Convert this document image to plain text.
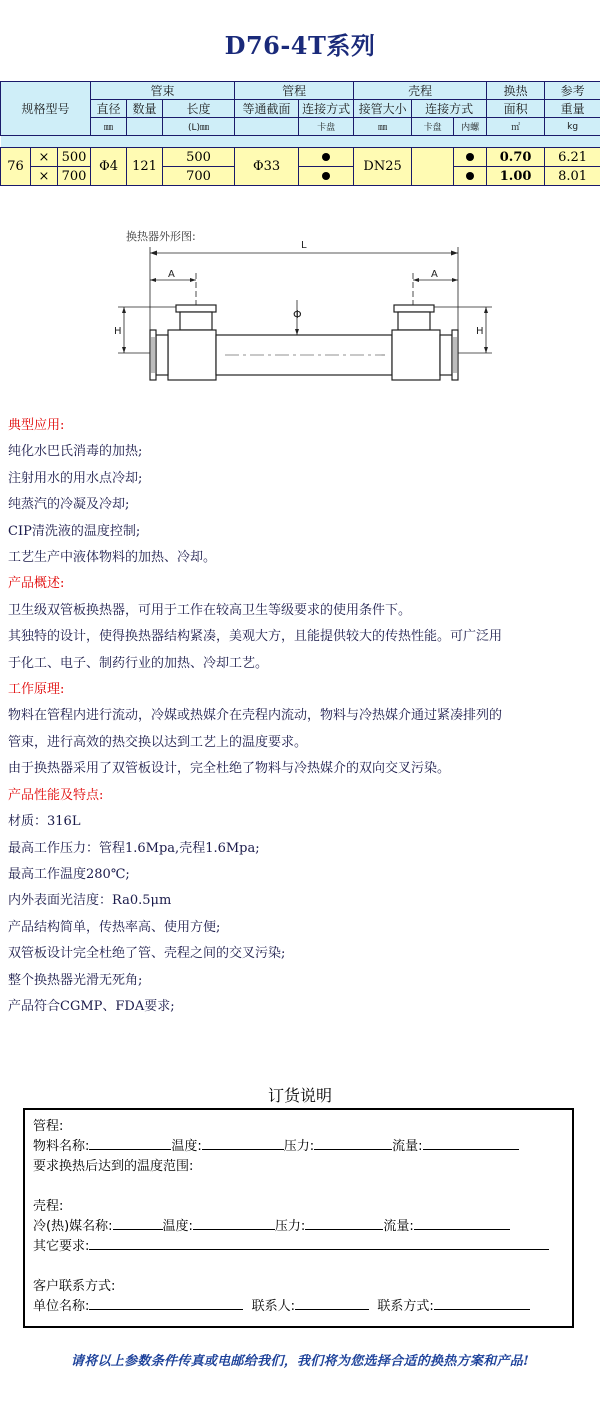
D76-4T系列
规格型号			管束			管程		壳程			换热	参考
			直径	数量	长度	等通截面	连接方式	接管大小	连接方式		面积	重量
			㎜		(L)㎜		卡盘	㎜	卡盘	内螺	㎡	kg

76	×	500	Φ4	121	500	Φ33		DN25			0.70	6.21
	×	700			700						1.00	8.01
换热器外形图:
L
A	A
H	H
Φ
典型应用:
纯化水巴氏消毒的加热;
注射用水的用水点冷却;
纯蒸汽的冷凝及冷却;
CIP清洗液的温度控制;
工艺生产中液体物料的加热、冷却。
产品概述:
卫生级双管板换热器，可用于工作在较高卫生等级要求的使用条件下。
其独特的设计，使得换热器结构紧凑，美观大方，且能提供较大的传热性能。可广泛用
于化工、电子、制药行业的加热、冷却工艺。
工作原理:
物料在管程内进行流动，冷媒或热媒介在壳程内流动，物料与冷热媒介通过紧凑排列的
管束，进行高效的热交换以达到工艺上的温度要求。
由于换热器采用了双管板设计，完全杜绝了物料与冷热媒介的双向交叉污染。
产品性能及特点:
材质：316L
最高工作压力：管程1.6Mpa,壳程1.6Mpa;
最高工作温度280℃;
内外表面光洁度：Ra0.5μm
产品结构简单，传热率高、使用方便;
双管板设计完全杜绝了管、壳程之间的交叉污染;
整个换热器光滑无死角;
产品符合CGMP、FDA要求;
订货说明
管程:
物料名称:	温度:	压力:	流量:
要求换热后达到的温度范围:
壳程:
冷(热)媒名称:	温度:	压力:	流量:
其它要求:
客户联系方式:
单位名称:	联系人:	联系方式:
请将以上参数条件传真或电邮给我们，我们将为您选择合适的换热方案和产品!
